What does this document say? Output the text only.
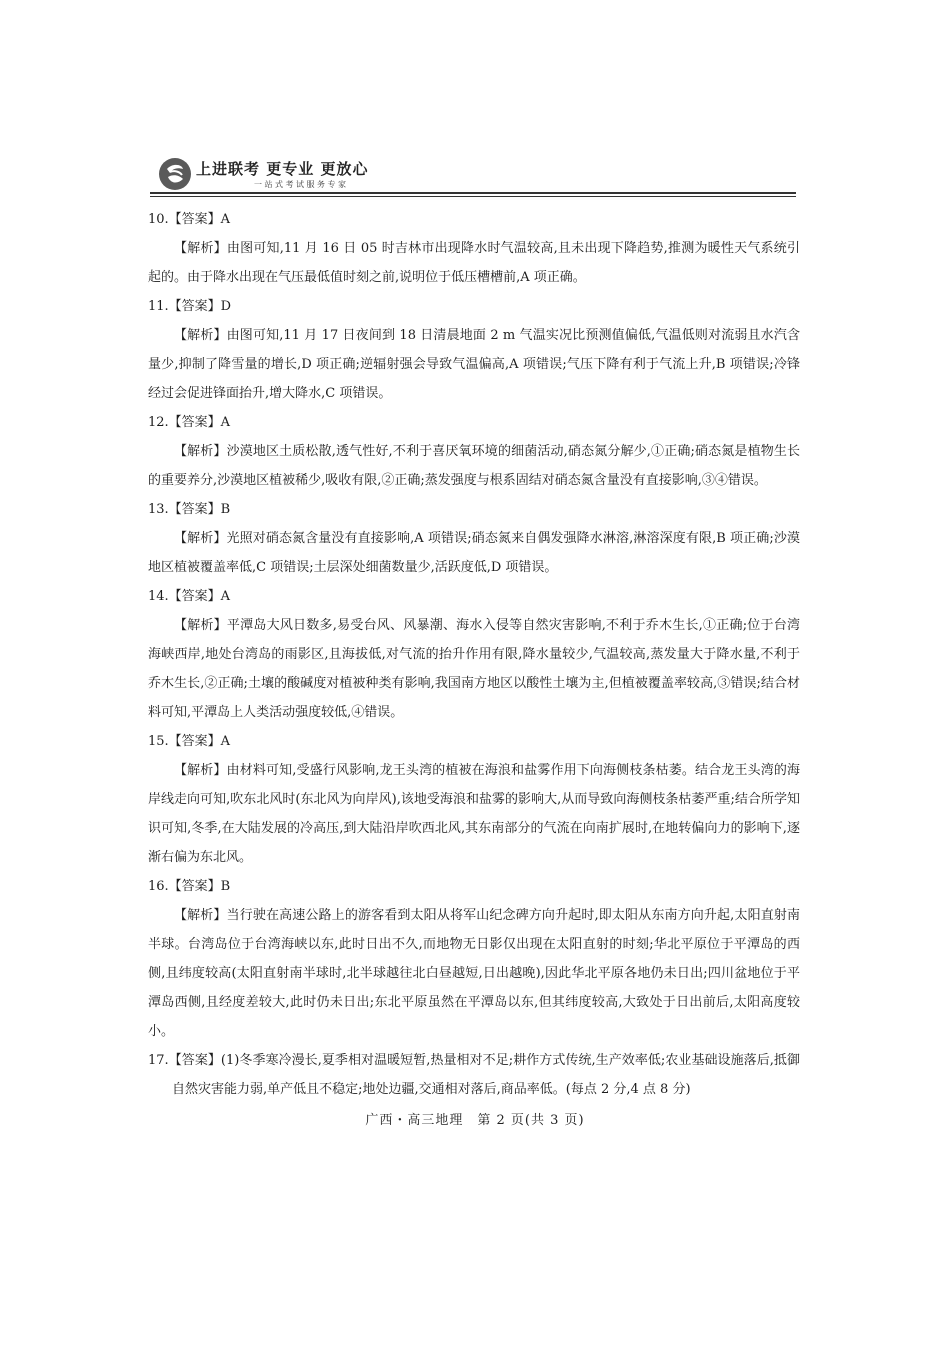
上进联考 更专业 更放心
一站式考试服务专家
10.【答案】A

【解析】由图可知,11 月 16 日 05 时吉林市出现降水时气温较高,且未出现下降趋势,推测为暖性天气系统引起的。由于降水出现在气压最低值时刻之前,说明位于低压槽槽前,A 项正确。

11.【答案】D

【解析】由图可知,11 月 17 日夜间到 18 日清晨地面 2 m 气温实况比预测值偏低,气温低则对流弱且水汽含量少,抑制了降雪量的增长,D 项正确;逆辐射强会导致气温偏高,A 项错误;气压下降有利于气流上升,B 项错误;冷锋经过会促进锋面抬升,增大降水,C 项错误。

12.【答案】A

【解析】沙漠地区土质松散,透气性好,不利于喜厌氧环境的细菌活动,硝态氮分解少,①正确;硝态氮是植物生长的重要养分,沙漠地区植被稀少,吸收有限,②正确;蒸发强度与根系固结对硝态氮含量没有直接影响,③④错误。

13.【答案】B

【解析】光照对硝态氮含量没有直接影响,A 项错误;硝态氮来自偶发强降水淋溶,淋溶深度有限,B 项正确;沙漠地区植被覆盖率低,C 项错误;土层深处细菌数量少,活跃度低,D 项错误。

14.【答案】A

【解析】平潭岛大风日数多,易受台风、风暴潮、海水入侵等自然灾害影响,不利于乔木生长,①正确;位于台湾海峡西岸,地处台湾岛的雨影区,且海拔低,对气流的抬升作用有限,降水量较少,气温较高,蒸发量大于降水量,不利于乔木生长,②正确;土壤的酸碱度对植被种类有影响,我国南方地区以酸性土壤为主,但植被覆盖率较高,③错误;结合材料可知,平潭岛上人类活动强度较低,④错误。

15.【答案】A

【解析】由材料可知,受盛行风影响,龙王头湾的植被在海浪和盐雾作用下向海侧枝条枯萎。结合龙王头湾的海岸线走向可知,吹东北风时(东北风为向岸风),该地受海浪和盐雾的影响大,从而导致向海侧枝条枯萎严重;结合所学知识可知,冬季,在大陆发展的冷高压,到大陆沿岸吹西北风,其东南部分的气流在向南扩展时,在地转偏向力的影响下,逐渐右偏为东北风。

16.【答案】B

【解析】当行驶在高速公路上的游客看到太阳从将军山纪念碑方向升起时,即太阳从东南方向升起,太阳直射南半球。台湾岛位于台湾海峡以东,此时日出不久,而地物无日影仅出现在太阳直射的时刻;华北平原位于平潭岛的西侧,且纬度较高(太阳直射南半球时,北半球越往北白昼越短,日出越晚),因此华北平原各地仍未日出;四川盆地位于平潭岛西侧,且经度差较大,此时仍未日出;东北平原虽然在平潭岛以东,但其纬度较高,大致处于日出前后,太阳高度较小。

17.【答案】(1)冬季寒冷漫长,夏季相对温暖短暂,热量相对不足;耕作方式传统,生产效率低;农业基础设施落后,抵御自然灾害能力弱,单产低且不稳定;地处边疆,交通相对落后,商品率低。(每点 2 分,4 点 8 分)

广西・高三地理　第 2 页(共 3 页)
